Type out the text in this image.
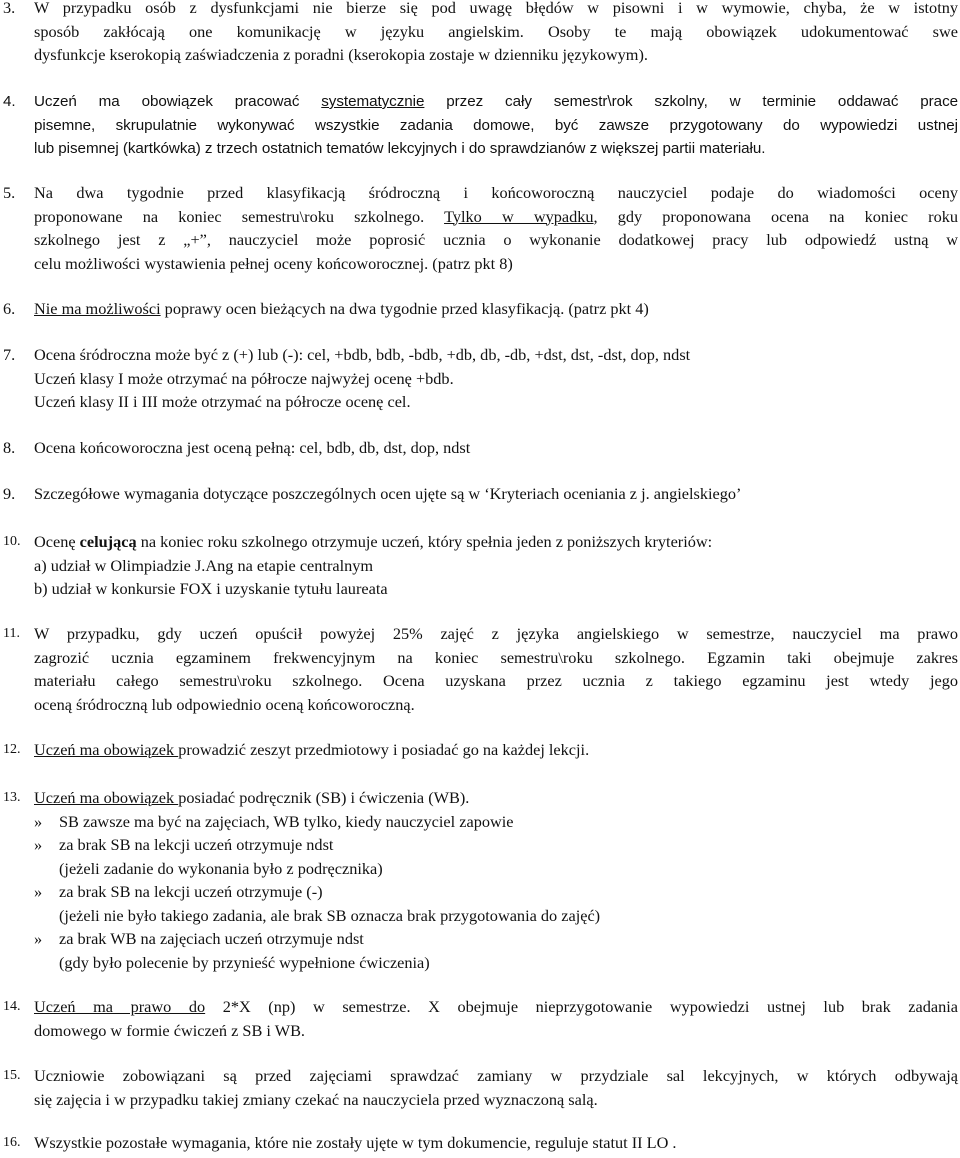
3. W przypadku osób z dysfunkcjami nie bierze się pod uwagę błędów w pisowni i w wymowie, chyba, że w istotny
sposób zakłócają one komunikację w języku angielskim. Osoby te mają obowiązek udokumentować swe
dysfunkcje kserokopią zaświadczenia z poradni (kserokopia zostaje w dzienniku językowym).
4. Uczeń ma obowiązek pracować systematycznie przez cały semestr\rok szkolny, w terminie oddawać prace
pisemne, skrupulatnie wykonywać wszystkie zadania domowe, być zawsze przygotowany do wypowiedzi ustnej
lub pisemnej (kartkówka) z trzech ostatnich tematów lekcyjnych i do sprawdzianów z większej partii materiału.
5. Na dwa tygodnie przed klasyfikacją śródroczną i końcoworoczną nauczyciel podaje do wiadomości oceny
proponowane na koniec semestru\roku szkolnego. Tylko w wypadku, gdy proponowana ocena na koniec roku
szkolnego jest z „+”, nauczyciel może poprosić ucznia o wykonanie dodatkowej pracy lub odpowiedź ustną w
celu możliwości wystawienia pełnej oceny końcoworocznej. (patrz pkt 8)
6. Nie ma możliwości poprawy ocen bieżących na dwa tygodnie przed klasyfikacją. (patrz pkt 4)
7. Ocena śródroczna może być z (+) lub (-): cel, +bdb, bdb, -bdb, +db, db, -db, +dst, dst, -dst, dop, ndst
Uczeń klasy I może otrzymać na półrocze najwyżej ocenę +bdb.
Uczeń klasy II i III może otrzymać na półrocze ocenę cel.
8. Ocena końcoworoczna jest oceną pełną: cel, bdb, db, dst, dop, ndst
9. Szczegółowe wymagania dotyczące poszczególnych ocen ujęte są w ‘Kryteriach oceniania z j. angielskiego’
10. Ocenę celującą na koniec roku szkolnego otrzymuje uczeń, który spełnia jeden z poniższych kryteriów:
a) udział w Olimpiadzie J.Ang na etapie centralnym
b) udział w konkursie FOX i uzyskanie tytułu laureata
11. W przypadku, gdy uczeń opuścił powyżej 25% zajęć z języka angielskiego w semestrze, nauczyciel ma prawo
zagrozić ucznia egzaminem frekwencyjnym na koniec semestru\roku szkolnego. Egzamin taki obejmuje zakres
materiału całego semestru\roku szkolnego. Ocena uzyskana przez ucznia z takiego egzaminu jest wtedy jego
oceną śródroczną lub odpowiednio oceną końcoworoczną.
12. Uczeń ma obowiązek prowadzić zeszyt przedmiotowy i posiadać go na każdej lekcji.
13. Uczeń ma obowiązek posiadać podręcznik (SB) i ćwiczenia (WB).
» SB zawsze ma być na zajęciach, WB tylko, kiedy nauczyciel zapowie
» za brak SB na lekcji uczeń otrzymuje ndst
(jeżeli zadanie do wykonania było z podręcznika)
» za brak SB na lekcji uczeń otrzymuje (-)
(jeżeli nie było takiego zadania, ale brak SB oznacza brak przygotowania do zajęć)
» za brak WB na zajęciach uczeń otrzymuje ndst
(gdy było polecenie by przynieść wypełnione ćwiczenia)
14. Uczeń ma prawo do 2*X (np) w semestrze. X obejmuje nieprzygotowanie wypowiedzi ustnej lub brak zadania
domowego w formie ćwiczeń z SB i WB.
15. Uczniowie zobowiązani są przed zajęciami sprawdzać zamiany w przydziale sal lekcyjnych, w których odbywają
się zajęcia i w przypadku takiej zmiany czekać na nauczyciela przed wyznaczoną salą.
16. Wszystkie pozostałe wymagania, które nie zostały ujęte w tym dokumencie, reguluje statut II LO .
